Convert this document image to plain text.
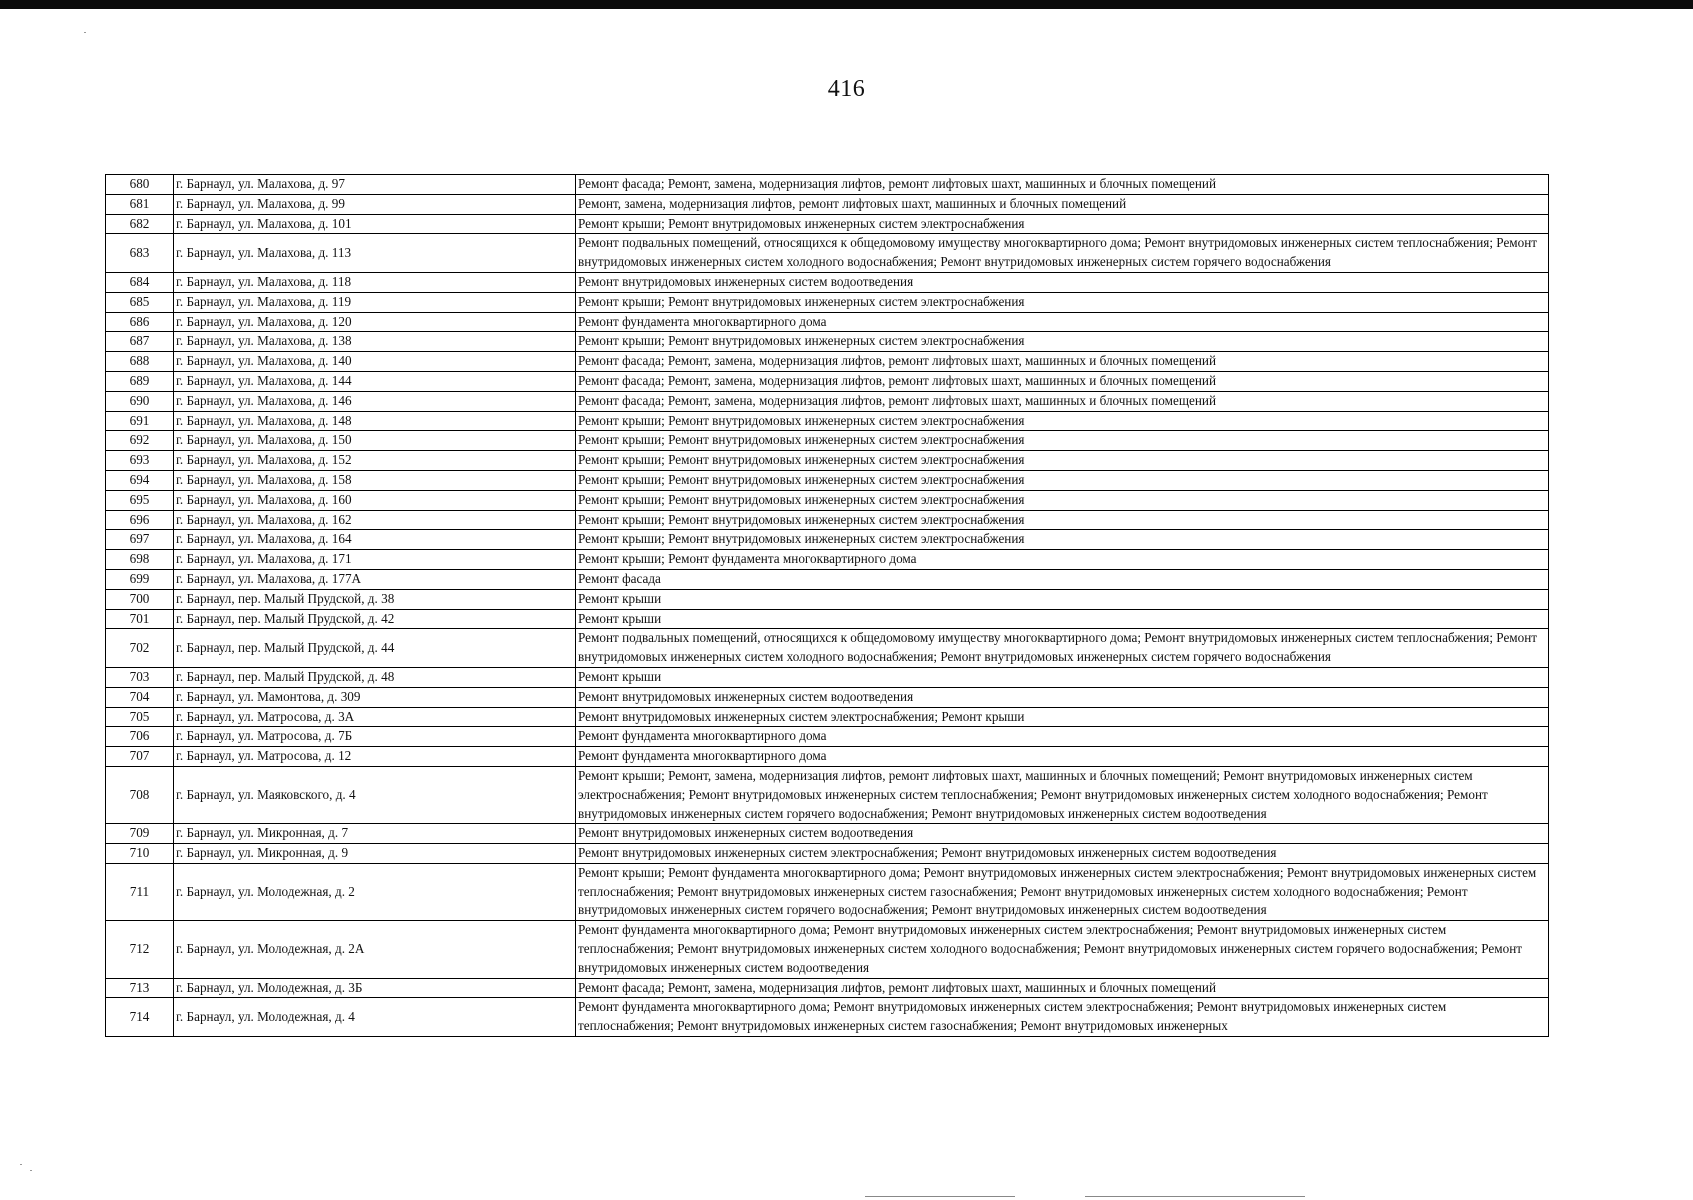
416
680	г. Барнаул, ул. Малахова, д. 97	Ремонт фасада; Ремонт, замена, модернизация лифтов, ремонт лифтовых шахт, машинных и блочных помещений
681	г. Барнаул, ул. Малахова, д. 99	Ремонт, замена, модернизация лифтов, ремонт лифтовых шахт, машинных и блочных помещений
682	г. Барнаул, ул. Малахова, д. 101	Ремонт крыши; Ремонт внутридомовых инженерных систем электроснабжения
683	г. Барнаул, ул. Малахова, д. 113	Ремонт подвальных помещений, относящихся к общедомовому имуществу многоквартирного дома; Ремонт внутридомовых инженерных систем теплоснабжения; Ремонт внутридомовых инженерных систем холодного водоснабжения; Ремонт внутридомовых инженерных систем горячего водоснабжения
684	г. Барнаул, ул. Малахова, д. 118	Ремонт внутридомовых инженерных систем водоотведения
685	г. Барнаул, ул. Малахова, д. 119	Ремонт крыши; Ремонт внутридомовых инженерных систем электроснабжения
686	г. Барнаул, ул. Малахова, д. 120	Ремонт фундамента многоквартирного дома
687	г. Барнаул, ул. Малахова, д. 138	Ремонт крыши; Ремонт внутридомовых инженерных систем электроснабжения
688	г. Барнаул, ул. Малахова, д. 140	Ремонт фасада; Ремонт, замена, модернизация лифтов, ремонт лифтовых шахт, машинных и блочных помещений
689	г. Барнаул, ул. Малахова, д. 144	Ремонт фасада; Ремонт, замена, модернизация лифтов, ремонт лифтовых шахт, машинных и блочных помещений
690	г. Барнаул, ул. Малахова, д. 146	Ремонт фасада; Ремонт, замена, модернизация лифтов, ремонт лифтовых шахт, машинных и блочных помещений
691	г. Барнаул, ул. Малахова, д. 148	Ремонт крыши; Ремонт внутридомовых инженерных систем электроснабжения
692	г. Барнаул, ул. Малахова, д. 150	Ремонт крыши; Ремонт внутридомовых инженерных систем электроснабжения
693	г. Барнаул, ул. Малахова, д. 152	Ремонт крыши; Ремонт внутридомовых инженерных систем электроснабжения
694	г. Барнаул, ул. Малахова, д. 158	Ремонт крыши; Ремонт внутридомовых инженерных систем электроснабжения
695	г. Барнаул, ул. Малахова, д. 160	Ремонт крыши; Ремонт внутридомовых инженерных систем электроснабжения
696	г. Барнаул, ул. Малахова, д. 162	Ремонт крыши; Ремонт внутридомовых инженерных систем электроснабжения
697	г. Барнаул, ул. Малахова, д. 164	Ремонт крыши; Ремонт внутридомовых инженерных систем электроснабжения
698	г. Барнаул, ул. Малахова, д. 171	Ремонт крыши; Ремонт фундамента многоквартирного дома
699	г. Барнаул, ул. Малахова, д. 177А	Ремонт фасада
700	г. Барнаул, пер. Малый Прудской, д. 38	Ремонт крыши
701	г. Барнаул, пер. Малый Прудской, д. 42	Ремонт крыши
702	г. Барнаул, пер. Малый Прудской, д. 44	Ремонт подвальных помещений, относящихся к общедомовому имуществу многоквартирного дома; Ремонт внутридомовых инженерных систем теплоснабжения; Ремонт внутридомовых инженерных систем холодного водоснабжения; Ремонт внутридомовых инженерных систем горячего водоснабжения
703	г. Барнаул, пер. Малый Прудской, д. 48	Ремонт крыши
704	г. Барнаул, ул. Мамонтова, д. 309	Ремонт внутридомовых инженерных систем водоотведения
705	г. Барнаул, ул. Матросова, д. 3А	Ремонт внутридомовых инженерных систем электроснабжения; Ремонт крыши
706	г. Барнаул, ул. Матросова, д. 7Б	Ремонт фундамента многоквартирного дома
707	г. Барнаул, ул. Матросова, д. 12	Ремонт фундамента многоквартирного дома
708	г. Барнаул, ул. Маяковского, д. 4	Ремонт крыши; Ремонт, замена, модернизация лифтов, ремонт лифтовых шахт, машинных и блочных помещений; Ремонт внутридомовых инженерных систем электроснабжения; Ремонт внутридомовых инженерных систем теплоснабжения; Ремонт внутридомовых инженерных систем холодного водоснабжения; Ремонт внутридомовых инженерных систем горячего водоснабжения; Ремонт внутридомовых инженерных систем водоотведения
709	г. Барнаул, ул. Микронная, д. 7	Ремонт внутридомовых инженерных систем водоотведения
710	г. Барнаул, ул. Микронная, д. 9	Ремонт внутридомовых инженерных систем электроснабжения; Ремонт внутридомовых инженерных систем водоотведения
711	г. Барнаул, ул. Молодежная, д. 2	Ремонт крыши; Ремонт фундамента многоквартирного дома; Ремонт внутридомовых инженерных систем электроснабжения; Ремонт внутридомовых инженерных систем теплоснабжения; Ремонт внутридомовых инженерных систем газоснабжения; Ремонт внутридомовых инженерных систем холодного водоснабжения; Ремонт внутридомовых инженерных систем горячего водоснабжения; Ремонт внутридомовых инженерных систем водоотведения
712	г. Барнаул, ул. Молодежная, д. 2А	Ремонт фундамента многоквартирного дома; Ремонт внутридомовых инженерных систем электроснабжения; Ремонт внутридомовых инженерных систем теплоснабжения; Ремонт внутридомовых инженерных систем холодного водоснабжения; Ремонт внутридомовых инженерных систем горячего водоснабжения; Ремонт внутридомовых инженерных систем водоотведения
713	г. Барнаул, ул. Молодежная, д. 3Б	Ремонт фасада; Ремонт, замена, модернизация лифтов, ремонт лифтовых шахт, машинных и блочных помещений
714	г. Барнаул, ул. Молодежная, д. 4	Ремонт фундамента многоквартирного дома; Ремонт внутридомовых инженерных систем электроснабжения; Ремонт внутридомовых инженерных систем теплоснабжения; Ремонт внутридомовых инженерных систем газоснабжения; Ремонт внутридомовых инженерных
